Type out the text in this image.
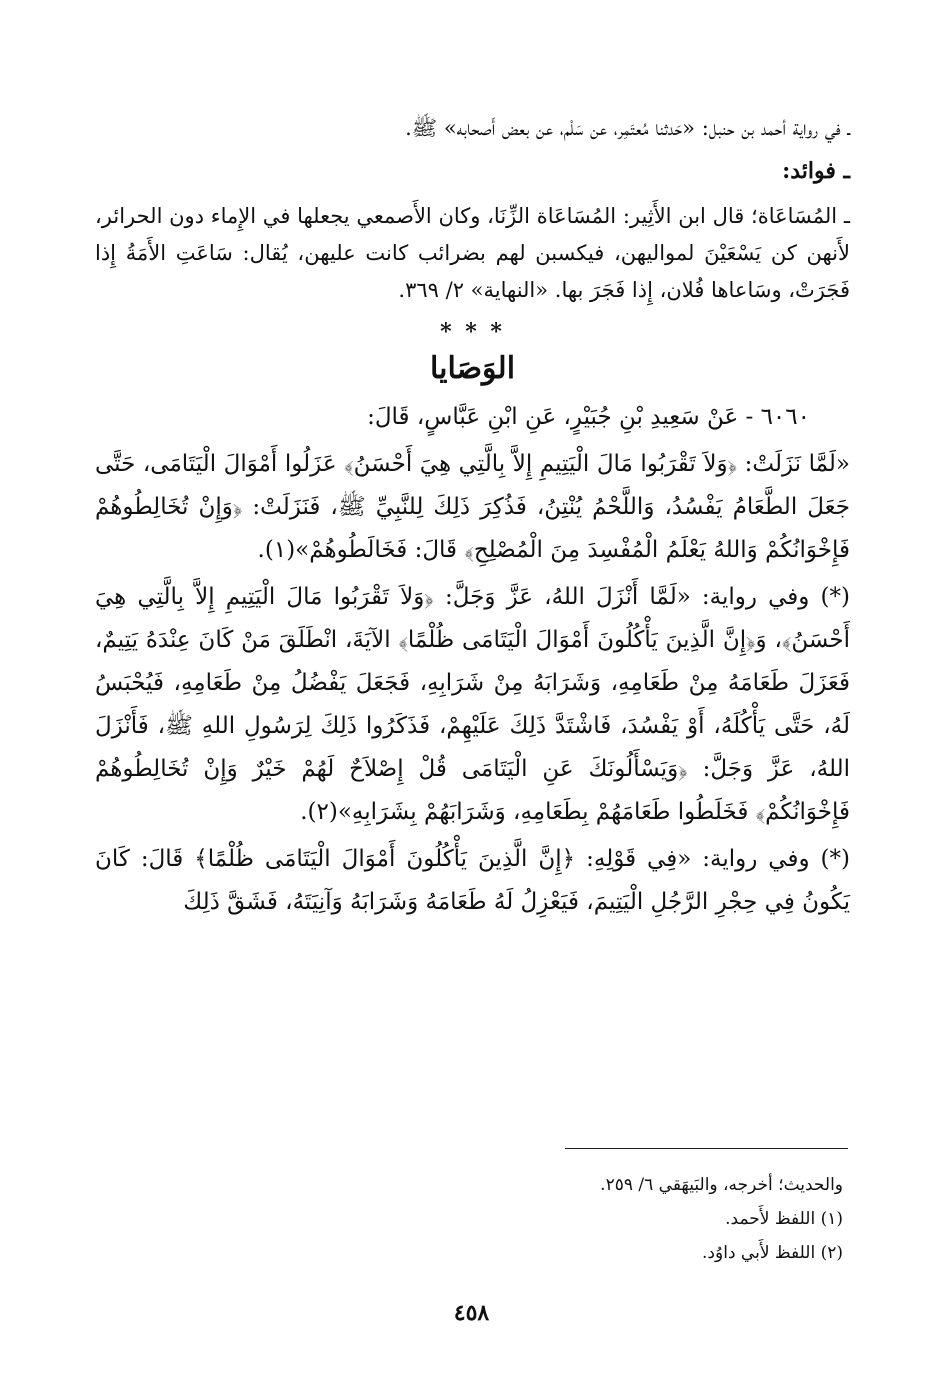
ـ في رواية أحمد بن حنبل: «حَدثنا مُعتَمِر، عن سَلْم، عن بعض أَصحابه» ﷺ.

ـ فوائد:

ـ المُسَاعَاة؛ قال ابن الأَثِير: المُسَاعَاة الزِّنَا، وكان الأَصمعي يجعلها في الإِماء دون الحرائر، لأَنهن كن يَسْعَيْنَ لمواليهن، فيكسبن لهم بضرائب كانت عليهن، يُقال: سَاعَتِ الأَمَةُ إِذا فَجَرَتْ، وسَاعاها فُلان، إِذا فَجَرَ بها. «النهاية» ٢/ ٣٦٩.

* * *
الوَصَايا

٦٠٦٠ - عَنْ سَعِيدِ بْنِ جُبَيْرٍ، عَنِ ابْنِ عَبَّاسٍ، قَالَ:

«لَمَّا نَزَلَتْ: ﴿وَلاَ تَقْرَبُوا مَالَ الْيَتِيمِ إِلاَّ بِالَّتِي هِيَ أَحْسَنُ﴾ عَزَلُوا أَمْوَالَ الْيَتَامَى، حَتَّى جَعَلَ الطَّعَامُ يَفْسُدُ، وَاللَّحْمُ يُنْتِنُ، فَذُكِرَ ذَلِكَ لِلنَّبِيِّ ﷺ، فَنَزَلَتْ: ﴿وَإِنْ تُخَالِطُوهُمْ فَإِخْوَانُكُمْ وَاللهُ يَعْلَمُ الْمُفْسِدَ مِنَ الْمُصْلِحِ﴾ قَالَ: فَخَالَطُوهُمْ»(١).

(*) وفي رواية: «لَمَّا أَنْزَلَ اللهُ، عَزَّ وَجَلَّ: ﴿وَلاَ تَقْرَبُوا مَالَ الْيَتِيمِ إِلاَّ بِالَّتِي هِيَ أَحْسَنُ﴾، وَ﴿إِنَّ الَّذِينَ يَأْكُلُونَ أَمْوَالَ الْيَتَامَى ظُلْمًا﴾ الآيَةَ، انْطَلَقَ مَنْ كَانَ عِنْدَهُ يَتِيمٌ، فَعَزَلَ طَعَامَهُ مِنْ طَعَامِهِ، وَشَرَابَهُ مِنْ شَرَابِهِ، فَجَعَلَ يَفْضُلُ مِنْ طَعَامِهِ، فَيُحْبَسُ لَهُ، حَتَّى يَأْكُلَهُ، أَوْ يَفْسُدَ، فَاشْتَدَّ ذَلِكَ عَلَيْهِمْ، فَذَكَرُوا ذَلِكَ لِرَسُولِ اللهِ ﷺ، فَأَنْزَلَ اللهُ، عَزَّ وَجَلَّ: ﴿وَيَسْأَلُونَكَ عَنِ الْيَتَامَى قُلْ إِصْلاَحٌ لَهُمْ خَيْرٌ وَإِنْ تُخَالِطُوهُمْ فَإِخْوَانُكُمْ﴾ فَخَلَطُوا طَعَامَهُمْ بِطَعَامِهِ، وَشَرَابَهُمْ بِشَرَابِهِ»(٢).

(*) وفي رواية: «فِي قَوْلِهِ: ﴿إِنَّ الَّذِينَ يَأْكُلُونَ أَمْوَالَ الْيَتَامَى ظُلْمًا﴾ قَالَ: كَانَ يَكُونُ فِي حِجْرِ الرَّجُلِ الْيَتِيمَ، فَيَعْزِلُ لَهُ طَعَامَهُ وَشَرَابَهُ وَآنِيَتَهُ، فَشَقَّ ذَلِكَ

والحديث؛ أخرجه، والبَيهَقي ٦/ ٢٥٩.

(١) اللفظ لأَحمد.

(٢) اللفظ لأَبي داوُد.

٤٥٨
